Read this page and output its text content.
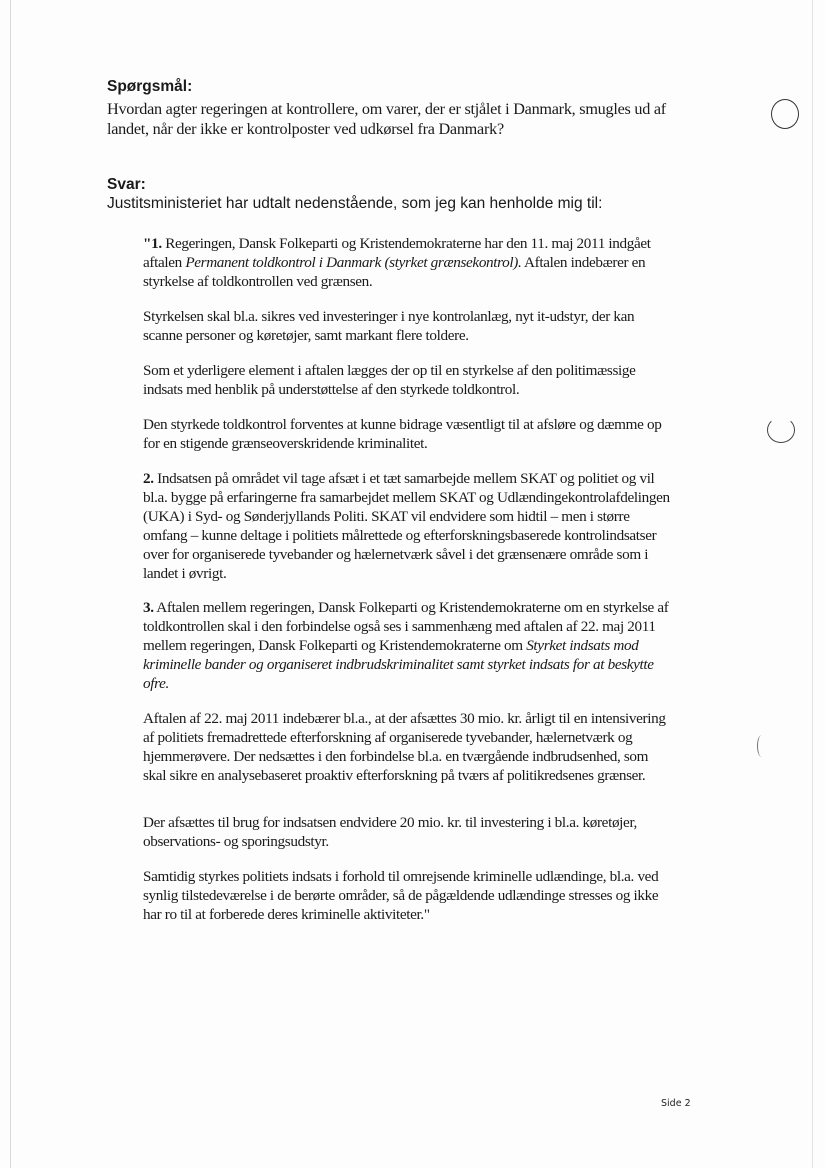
Spørgsmål:

Hvordan agter regeringen at kontrollere, om varer, der er stjålet i Danmark, smugles ud af landet, når der ikke er kontrolposter ved udkørsel fra Danmark?

Svar:

Justitsministeriet har udtalt nedenstående, som jeg kan henholde mig til:

"1. Regeringen, Dansk Folkeparti og Kristendemokraterne har den 11. maj 2011 indgået aftalen Permanent toldkontrol i Danmark (styrket grænsekontrol). Aftalen indebærer en styrkelse af toldkontrollen ved grænsen.

Styrkelsen skal bl.a. sikres ved investeringer i nye kontrolanlæg, nyt it-udstyr, der kan scanne personer og køretøjer, samt markant flere toldere.

Som et yderligere element i aftalen lægges der op til en styrkelse af den politimæssige indsats med henblik på understøttelse af den styrkede toldkontrol.

Den styrkede toldkontrol forventes at kunne bidrage væsentligt til at afsløre og dæmme op for en stigende grænseoverskridende kriminalitet.

2. Indsatsen på området vil tage afsæt i et tæt samarbejde mellem SKAT og politiet og vil bl.a. bygge på erfaringerne fra samarbejdet mellem SKAT og Udlændingekontrolafdelingen (UKA) i Syd- og Sønderjyllands Politi. SKAT vil endvidere som hidtil – men i større omfang – kunne deltage i politiets målrettede og efterforskningsbaserede kontrolindsatser over for organiserede tyvebander og hælernetværk såvel i det grænsenære område som i landet i øvrigt.

3. Aftalen mellem regeringen, Dansk Folkeparti og Kristendemokraterne om en styrkelse af toldkontrollen skal i den forbindelse også ses i sammenhæng med aftalen af 22. maj 2011 mellem regeringen, Dansk Folkeparti og Kristendemokraterne om Styrket indsats mod kriminelle bander og organiseret indbrudskriminalitet samt styrket indsats for at beskytte ofre.

Aftalen af 22. maj 2011 indebærer bl.a., at der afsættes 30 mio. kr. årligt til en intensivering af politiets fremadrettede efterforskning af organiserede tyvebander, hælernetværk og hjemmerøvere. Der nedsættes i den forbindelse bl.a. en tværgående indbrudsenhed, som skal sikre en analysebaseret proaktiv efterforskning på tværs af politikredsenes grænser.

Der afsættes til brug for indsatsen endvidere 20 mio. kr. til investering i bl.a. køretøjer, observations- og sporingsudstyr.

Samtidig styrkes politiets indsats i forhold til omrejsende kriminelle udlændinge, bl.a. ved synlig tilstedeværelse i de berørte områder, så de pågældende udlændinge stresses og ikke har ro til at forberede deres kriminelle aktiviteter."

Side 2
